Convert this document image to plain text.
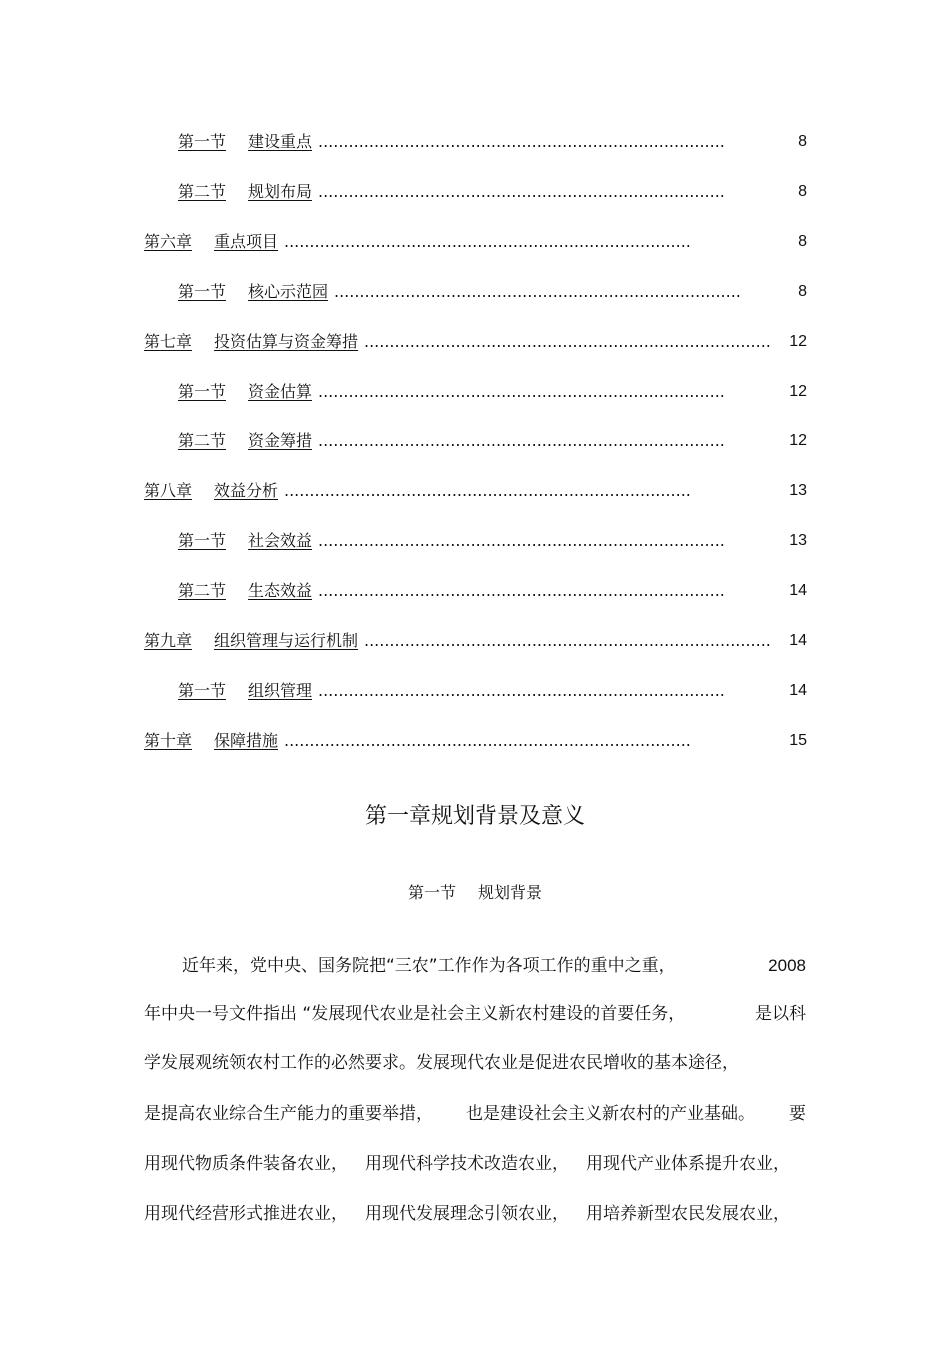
第一节 建设重点 ................................................................................	8
第二节 规划布局 ................................................................................	8
第六章 重点项目 ................................................................................	8
第一节 核心示范园 ................................................................................	8
第七章 投资估算与资金筹措 ................................................................................ 12
第一节 资金估算 ................................................................................	12
第二节 资金筹措 ................................................................................	12
第八章 效益分析 ................................................................................	13
第一节 社会效益 ................................................................................	13
第二节 生态效益 ................................................................................	14
第九章 组织管理与运行机制 ................................................................................ 14
第一节 组织管理 ................................................................................	14
第十章 保障措施 ................................................................................	15
第一章规划背景及意义
第一节 规划背景
近年来，党中央、国务院把“三农”工作作为各项工作的重中之重，	2008
年中央一号文件指出 “发展现代农业是社会主义新农村建设的首要任务，	是以科
学发展观统领农村工作的必然要求。发展现代农业是促进农民增收的基本途径，
是提高农业综合生产能力的重要举措， 也是建设社会主义新农村的产业基础。 要
用现代物质条件装备农业， 用现代科学技术改造农业， 用现代产业体系提升农业，
用现代经营形式推进农业， 用现代发展理念引领农业， 用培养新型农民发展农业，
